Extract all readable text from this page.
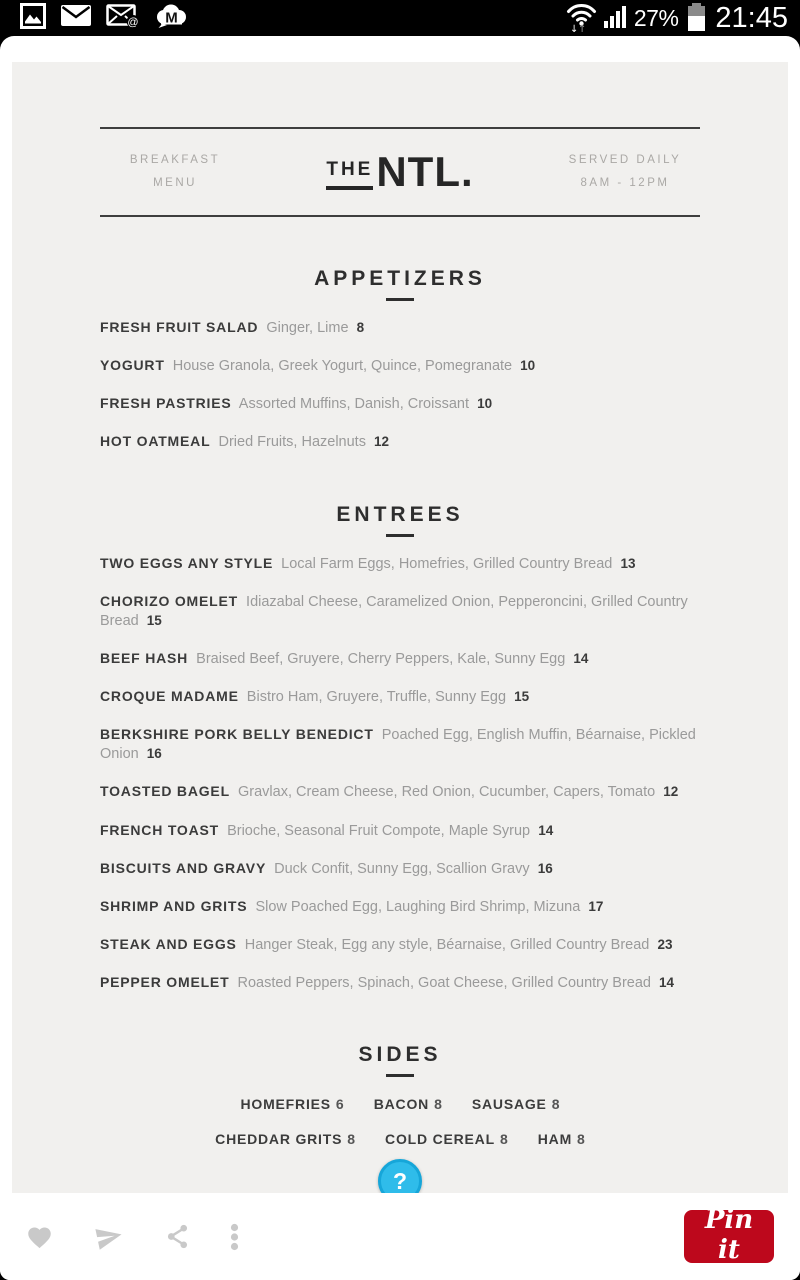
@ M
↓ ↑ 27% 21:45
BREAKFAST
MENU
THE NTL.	SERVED DAILY
8AM - 12PM
APPETIZERS
FRESH FRUIT SALAD Ginger, Lime 8
YOGURT House Granola, Greek Yogurt, Quince, Pomegranate 10
FRESH PASTRIES Assorted Muffins, Danish, Croissant 10
HOT OATMEAL Dried Fruits, Hazelnuts 12
ENTREES
TWO EGGS ANY STYLE Local Farm Eggs, Homefries, Grilled Country Bread 13
CHORIZO OMELET Idiazabal Cheese, Caramelized Onion, Pepperoncini, Grilled Country Bread 15
BEEF HASH Braised Beef, Gruyere, Cherry Peppers, Kale, Sunny Egg 14
CROQUE MADAME Bistro Ham, Gruyere, Truffle, Sunny Egg 15
BERKSHIRE PORK BELLY BENEDICT Poached Egg, English Muffin, Béarnaise, Pickled Onion 16
TOASTED BAGEL Gravlax, Cream Cheese, Red Onion, Cucumber, Capers, Tomato 12
FRENCH TOAST Brioche, Seasonal Fruit Compote, Maple Syrup 14
BISCUITS AND GRAVY Duck Confit, Sunny Egg, Scallion Gravy 16
SHRIMP AND GRITS Slow Poached Egg, Laughing Bird Shrimp, Mizuna 17
STEAK AND EGGS Hanger Steak, Egg any style, Béarnaise, Grilled Country Bread 23
PEPPER OMELET Roasted Peppers, Spinach, Goat Cheese, Grilled Country Bread 14
SIDES
HOMEFRIES 6 BACON 8 SAUSAGE 8
CHEDDAR GRITS 8 COLD CEREAL 8 HAM 8
?
Pin it
